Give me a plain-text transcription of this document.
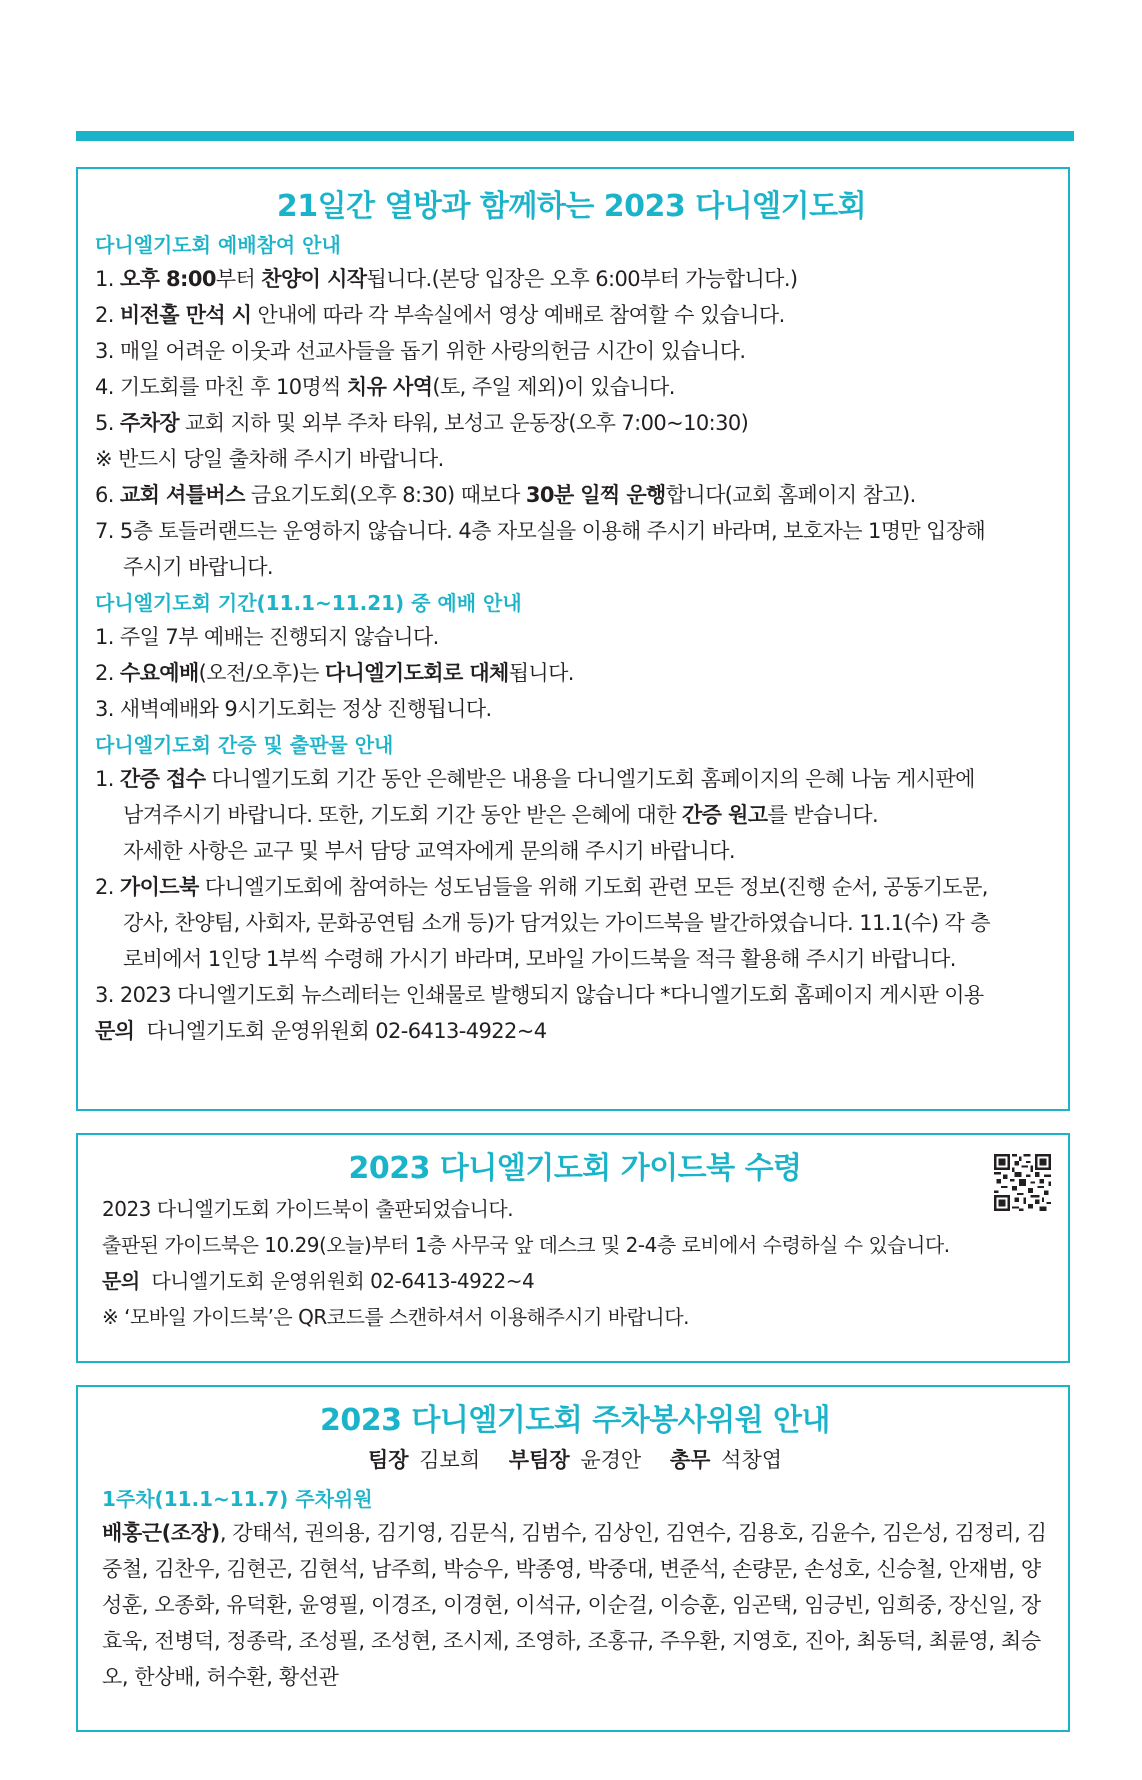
21일간 열방과 함께하는 2023 다니엘기도회
다니엘기도회 예배참여 안내

1. 오후 8:00부터 찬양이 시작됩니다.(본당 입장은 오후 6:00부터 가능합니다.)

2. 비전홀 만석 시 안내에 따라 각 부속실에서 영상 예배로 참여할 수 있습니다.

3. 매일 어려운 이웃과 선교사들을 돕기 위한 사랑의헌금 시간이 있습니다.

4. 기도회를 마친 후 10명씩 치유 사역(토, 주일 제외)이 있습니다.

5. 주차장 교회 지하 및 외부 주차 타워, 보성고 운동장(오후 7:00~10:30)

※ 반드시 당일 출차해 주시기 바랍니다.

6. 교회 셔틀버스 금요기도회(오후 8:30) 때보다 30분 일찍 운행합니다(교회 홈페이지 참고).

7. 5층 토들러랜드는 운영하지 않습니다. 4층 자모실을 이용해 주시기 바라며, 보호자는 1명만 입장해

주시기 바랍니다.

다니엘기도회 기간(11.1~11.21) 중 예배 안내

1. 주일 7부 예배는 진행되지 않습니다.

2. 수요예배(오전/오후)는 다니엘기도회로 대체됩니다.

3. 새벽예배와 9시기도회는 정상 진행됩니다.

다니엘기도회 간증 및 출판물 안내

1. 간증 접수 다니엘기도회 기간 동안 은혜받은 내용을 다니엘기도회 홈페이지의 은혜 나눔 게시판에

남겨주시기 바랍니다. 또한, 기도회 기간 동안 받은 은혜에 대한 간증 원고를 받습니다.

자세한 사항은 교구 및 부서 담당 교역자에게 문의해 주시기 바랍니다.

2. 가이드북 다니엘기도회에 참여하는 성도님들을 위해 기도회 관련 모든 정보(진행 순서, 공동기도문,

강사, 찬양팀, 사회자, 문화공연팀 소개 등)가 담겨있는 가이드북을 발간하였습니다. 11.1(수) 각 층

로비에서 1인당 1부씩 수령해 가시기 바라며, 모바일 가이드북을 적극 활용해 주시기 바랍니다.

3. 2023 다니엘기도회 뉴스레터는 인쇄물로 발행되지 않습니다 *다니엘기도회 홈페이지 게시판 이용

문의 다니엘기도회 운영위원회 02-6413-4922~4

2023 다니엘기도회 가이드북 수령

2023 다니엘기도회 가이드북이 출판되었습니다.

출판된 가이드북은 10.29(오늘)부터 1층 사무국 앞 데스크 및 2-4층 로비에서 수령하실 수 있습니다.

문의 다니엘기도회 운영위원회 02-6413-4922~4

※ ‘모바일 가이드북’은 QR코드를 스캔하셔서 이용해주시기 바랍니다.

2023 다니엘기도회 주차봉사위원 안내
팀장 김보희 부팀장 윤경안 총무 석창엽
1주차(11.1~11.7) 주차위원

배홍근(조장), 강태석, 권의용, 김기영, 김문식, 김범수, 김상인, 김연수, 김용호, 김윤수, 김은성, 김정리, 김중철, 김찬우, 김현곤, 김현석, 남주희, 박승우, 박종영, 박중대, 변준석, 손량문, 손성호, 신승철, 안재범, 양성훈, 오종화, 유덕환, 윤영필, 이경조, 이경현, 이석규, 이순걸, 이승훈, 임곤택, 임긍빈, 임희중, 장신일, 장효욱, 전병덕, 정종락, 조성필, 조성현, 조시제, 조영하, 조홍규, 주우환, 지영호, 진아, 최동덕, 최륜영, 최승오, 한상배, 허수환, 황선관
